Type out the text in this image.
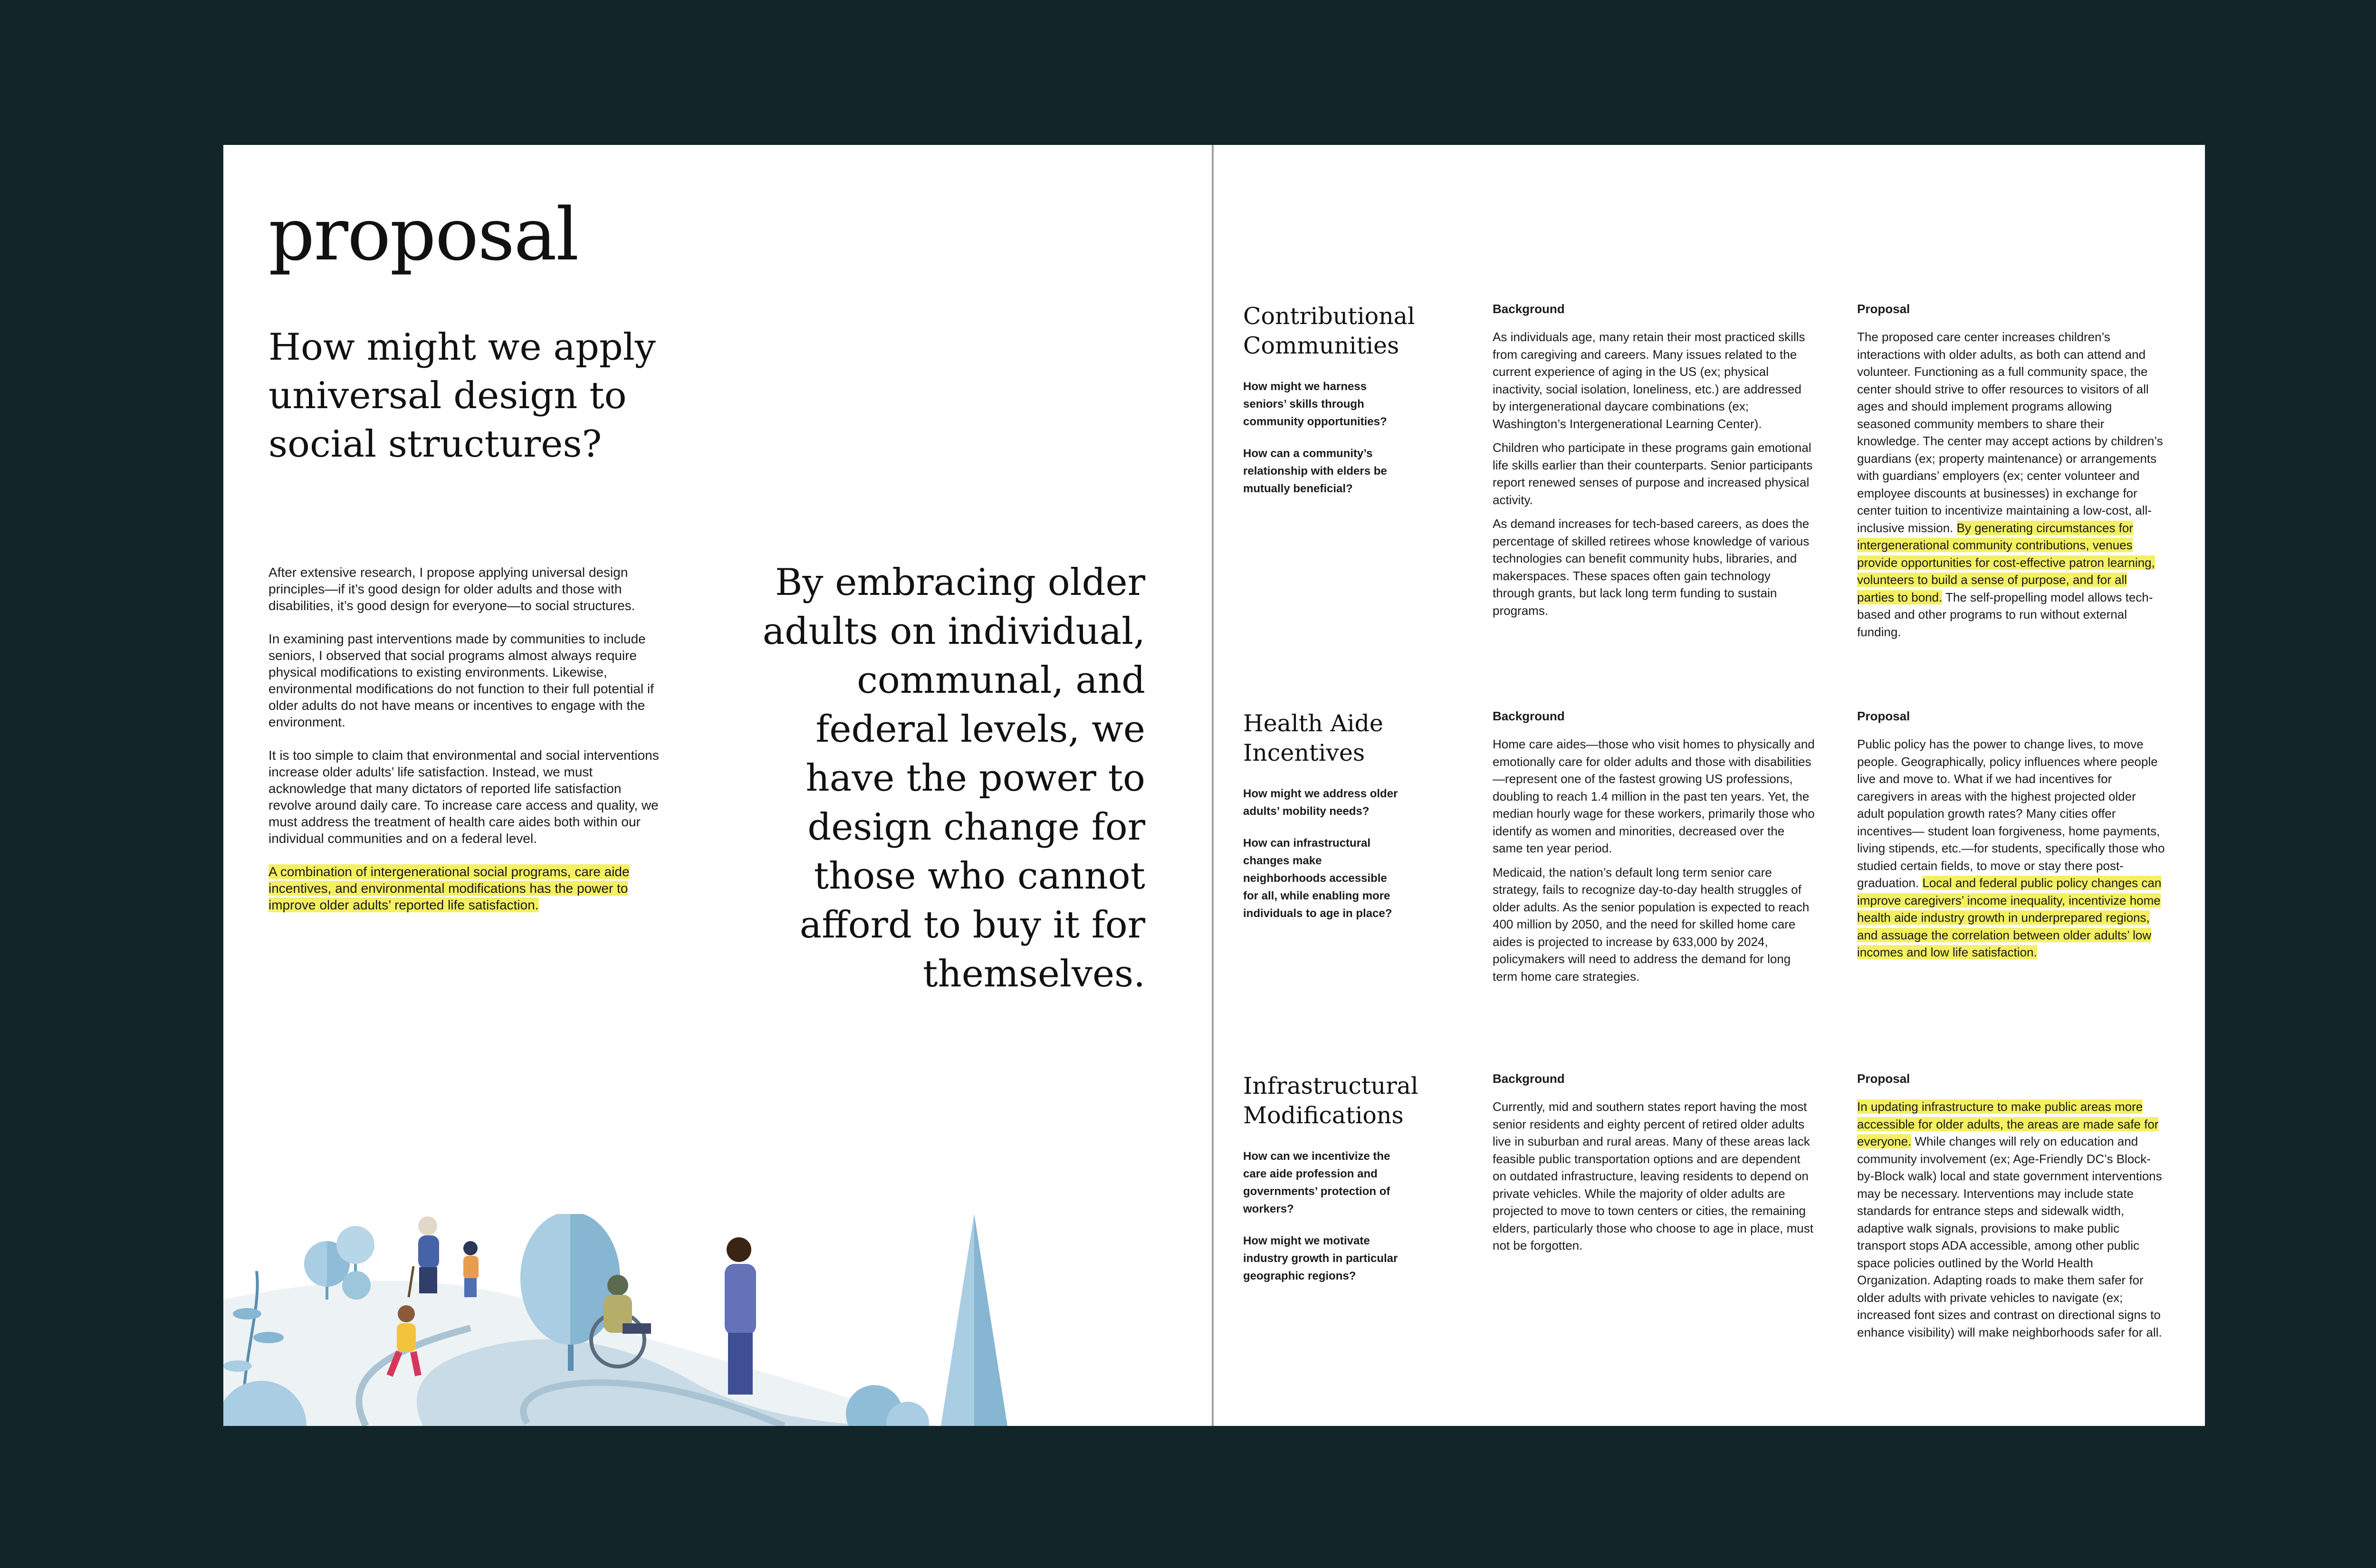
proposal
How might we apply universal design to social structures?

After extensive research, I propose applying universal design principles—if it’s good design for older adults and those with disabilities, it’s good design for everyone—to social structures.

In examining past interventions made by communities to include seniors, I observed that social programs almost always require physical modifications to existing environments. Likewise, environmental modifications do not function to their full potential if older adults do not have means or incentives to engage with the environment.

It is too simple to claim that environmental and social interventions increase older adults’ life satisfaction. Instead, we must acknowledge that many dictators of reported life satisfaction revolve around daily care. To increase care access and quality, we must address the treatment of health care aides both within our individual communities and on a federal level.

A combination of intergenerational social programs, care aide incentives, and environmental modifications has the power to improve older adults’ reported life satisfaction.

By embracing older adults on individual, communal, and federal levels, we have the power to design change for those who cannot afford to buy it for themselves.

Contributional Communities

How might we harness seniors’ skills through community opportunities?

How can a community’s relationship with elders be mutually beneficial?

Background

As individuals age, many retain their most practiced skills from caregiving and careers. Many issues related to the current experience of aging in the US (ex; physical inactivity, social isolation, loneliness, etc.) are addressed by intergenerational daycare combinations (ex; Washington’s Intergenerational Learning Center).

Children who participate in these programs gain emotional life skills earlier than their counterparts. Senior participants report renewed senses of purpose and increased physical activity.

As demand increases for tech-based careers, as does the percentage of skilled retirees whose knowledge of various technologies can benefit community hubs, libraries, and makerspaces. These spaces often gain technology through grants, but lack long term funding to sustain programs.

Proposal

The proposed care center increases children’s interactions with older adults, as both can attend and volunteer. Functioning as a full community space, the center should strive to offer resources to visitors of all ages and should implement programs allowing seasoned community members to share their knowledge. The center may accept actions by children’s guardians (ex; property maintenance) or arrangements with guardians’ employers (ex; center volunteer and employee discounts at businesses) in exchange for center tuition to incentivize maintaining a low-cost, all-inclusive mission. By generating circumstances for intergenerational community contributions, venues provide opportunities for cost-effective patron learning, volunteers to build a sense of purpose, and for all parties to bond. The self-propelling model allows tech-based and other programs to run without external funding.

Health Aide Incentives

How might we address older adults’ mobility needs?

How can infrastructural changes make neighborhoods accessible for all, while enabling more individuals to age in place?

Background

Home care aides—those who visit homes to physically and emotionally care for older adults and those with disabilities—represent one of the fastest growing US professions, doubling to reach 1.4 million in the past ten years. Yet, the median hourly wage for these workers, primarily those who identify as women and minorities, decreased over the same ten year period.

Medicaid, the nation’s default long term senior care strategy, fails to recognize day-to-day health struggles of older adults. As the senior population is expected to reach 400 million by 2050, and the need for skilled home care aides is projected to increase by 633,000 by 2024, policymakers will need to address the demand for long term home care strategies.

Proposal

Public policy has the power to change lives, to move people. Geographically, policy influences where people live and move to. What if we had incentives for caregivers in areas with the highest projected older adult population growth rates? Many cities offer incentives— student loan forgiveness, home payments, living stipends, etc.—for students, specifically those who studied certain fields, to move or stay there post-graduation. Local and federal public policy changes can improve caregivers’ income inequality, incentivize home health aide industry growth in underprepared regions, and assuage the correlation between older adults’ low incomes and low life satisfaction.

Infrastructural Modifications

How can we incentivize the care aide profession and governments’ protection of workers?

How might we motivate industry growth in particular geographic regions?

Background

Currently, mid and southern states report having the most senior residents and eighty percent of retired older adults live in suburban and rural areas. Many of these areas lack feasible public transportation options and are dependent on outdated infrastructure, leaving residents to depend on private vehicles. While the majority of older adults are projected to move to town centers or cities, the remaining elders, particularly those who choose to age in place, must not be forgotten.

Proposal

In updating infrastructure to make public areas more accessible for older adults, the areas are made safe for everyone. While changes will rely on education and community involvement (ex; Age-Friendly DC’s Block-by-Block walk) local and state government interventions may be necessary. Interventions may include state standards for entrance steps and sidewalk width, adaptive walk signals, provisions to make public transport stops ADA accessible, among other public space policies outlined by the World Health Organization. Adapting roads to make them safer for older adults with private vehicles to navigate (ex; increased font sizes and contrast on directional signs to enhance visibility) will make neighborhoods safer for all.
